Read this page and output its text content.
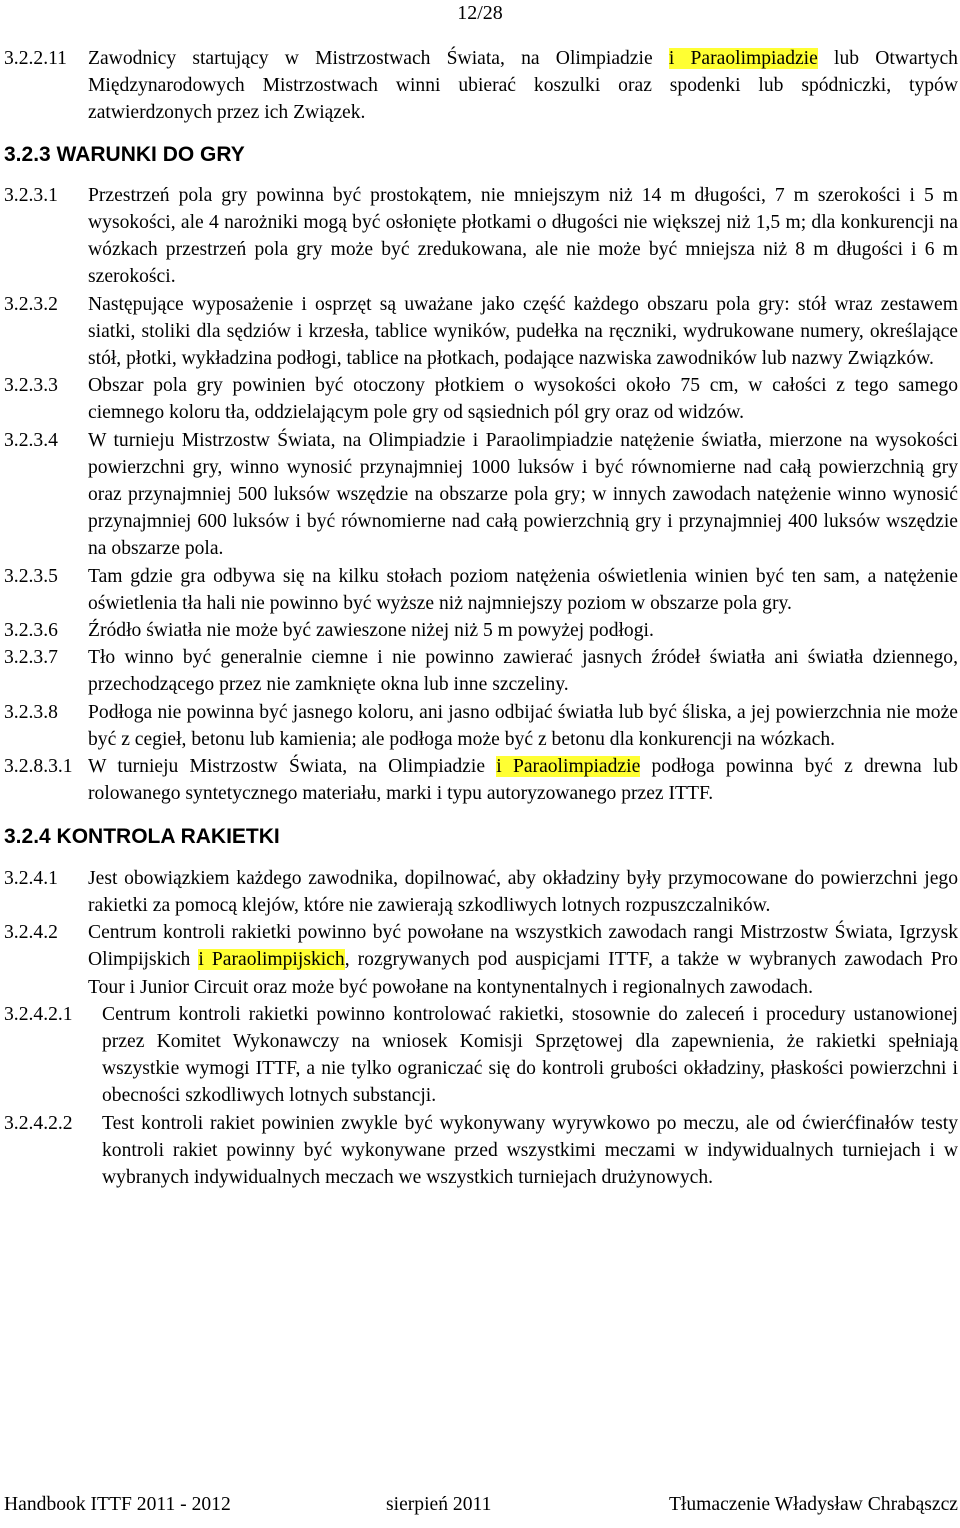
12/28
3.2.2.11 Zawodnicy startujący w Mistrzostwach Świata, na Olimpiadzie i Paraolimpiadzie lub Otwartych Międzynarodowych Mistrzostwach winni ubierać koszulki oraz spodenki lub spódniczki, typów zatwierdzonych przez ich Związek.
3.2.3 WARUNKI DO GRY
3.2.3.1 Przestrzeń pola gry powinna być prostokątem, nie mniejszym niż 14 m długości, 7 m szerokości i 5 m wysokości, ale 4 narożniki mogą być osłonięte płotkami o długości nie większej niż 1,5 m; dla konkurencji na wózkach przestrzeń pola gry może być zredukowana, ale nie może być mniejsza niż 8 m długości i 6 m szerokości.
3.2.3.2 Następujące wyposażenie i osprzęt są uważane jako część każdego obszaru pola gry: stół wraz zestawem siatki, stoliki dla sędziów i krzesła, tablice wyników, pudełka na ręczniki, wydrukowane numery, określające stół, płotki, wykładzina podłogi, tablice na płotkach, podające nazwiska zawodników lub nazwy Związków.
3.2.3.3 Obszar pola gry powinien być otoczony płotkiem o wysokości około 75 cm, w całości z tego samego ciemnego koloru tła, oddzielającym pole gry od sąsiednich pól gry oraz od widzów.
3.2.3.4 W turnieju Mistrzostw Świata, na Olimpiadzie i Paraolimpiadzie natężenie światła, mierzone na wysokości powierzchni gry, winno wynosić przynajmniej 1000 luksów i być równomierne nad całą powierzchnią gry oraz przynajmniej 500 luksów wszędzie na obszarze pola gry; w innych zawodach natężenie winno wynosić przynajmniej 600 luksów i być równomierne nad całą powierzchnią gry i przynajmniej 400 luksów wszędzie na obszarze pola.
3.2.3.5 Tam gdzie gra odbywa się na kilku stołach poziom natężenia oświetlenia winien być ten sam, a natężenie oświetlenia tła hali nie powinno być wyższe niż najmniejszy poziom w obszarze pola gry.
3.2.3.6 Źródło światła nie może być zawieszone niżej niż 5 m powyżej podłogi.
3.2.3.7 Tło winno być generalnie ciemne i nie powinno zawierać jasnych źródeł światła ani światła dziennego, przechodzącego przez nie zamknięte okna lub inne szczeliny.
3.2.3.8 Podłoga nie powinna być jasnego koloru, ani jasno odbijać światła lub być śliska, a jej powierzchnia nie może być z cegieł, betonu lub kamienia; ale podłoga może być z betonu dla konkurencji na wózkach.
3.2.8.3.1 W turnieju Mistrzostw Świata, na Olimpiadzie i Paraolimpiadzie podłoga powinna być z drewna lub rolowanego syntetycznego materiału, marki i typu autoryzowanego przez ITTF.
3.2.4 KONTROLA RAKIETKI
3.2.4.1 Jest obowiązkiem każdego zawodnika, dopilnować, aby okładziny były przymocowane do powierzchni jego rakietki za pomocą klejów, które nie zawierają szkodliwych lotnych rozpuszczalników.
3.2.4.2 Centrum kontroli rakietki powinno być powołane na wszystkich zawodach rangi Mistrzostw Świata, Igrzysk Olimpijskich i Paraolimpijskich, rozgrywanych pod auspicjami ITTF, a także w wybranych zawodach Pro Tour i Junior Circuit oraz może być powołane na kontynentalnych i regionalnych zawodach.
3.2.4.2.1 Centrum kontroli rakietki powinno kontrolować rakietki, stosownie do zaleceń i procedury ustanowionej przez Komitet Wykonawczy na wniosek Komisji Sprzętowej dla zapewnienia, że rakietki spełniają wszystkie wymogi ITTF, a nie tylko ograniczać się do kontroli grubości okładziny, płaskości powierzchni i obecności szkodliwych lotnych substancji.
3.2.4.2.2 Test kontroli rakiet powinien zwykle być wykonywany wyrywkowo po meczu, ale od ćwierćfinałów testy kontroli rakiet powinny być wykonywane przed wszystkimi meczami w indywidualnych turniejach i w wybranych indywidualnych meczach we wszystkich turniejach drużynowych.
Handbook ITTF 2011 - 2012	sierpień 2011	Tłumaczenie Władysław Chrabąszcz
